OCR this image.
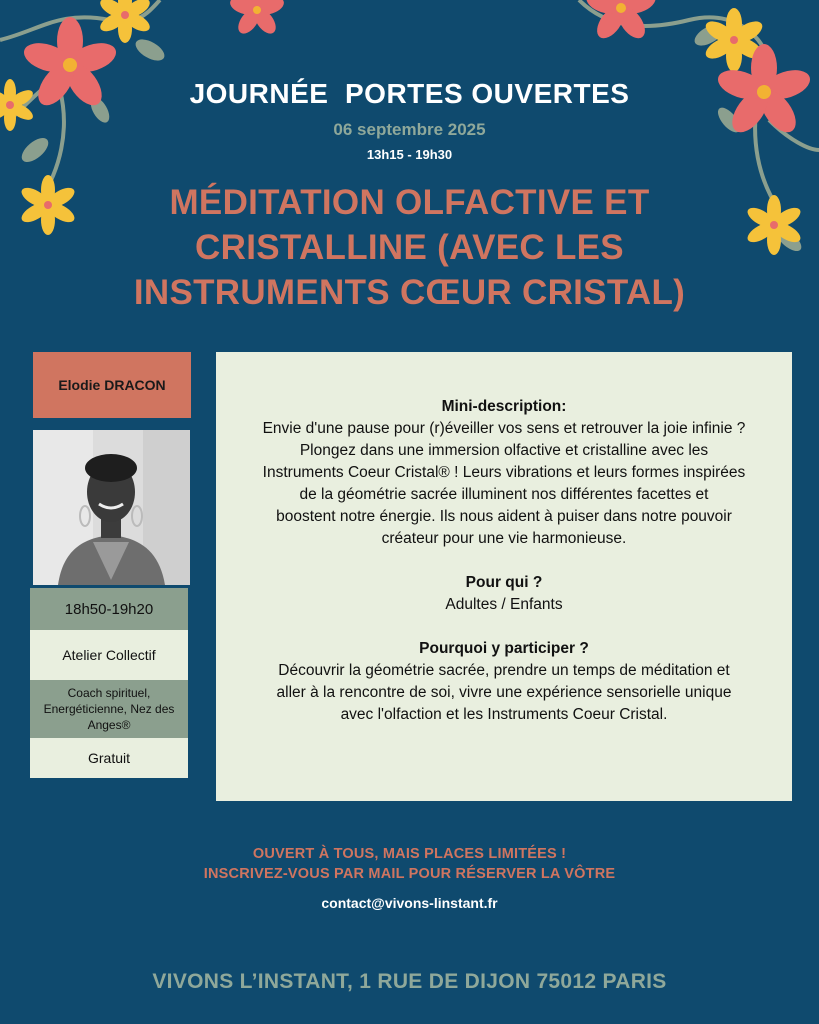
JOURNÉE  PORTES OUVERTES
06 septembre 2025
13h15 - 19h30
MÉDITATION OLFACTIVE ET
CRISTALLINE (AVEC LES
INSTRUMENTS CŒUR CRISTAL)
Elodie DRACON
18h50-19h20
Atelier Collectif
Coach spirituel, Energéticienne, Nez des Anges®
Gratuit
Mini-description:
Envie d'une pause pour (r)éveiller vos sens et retrouver la joie infinie ?
Plongez dans une immersion olfactive et cristalline avec les
Instruments Coeur Cristal® ! Leurs vibrations et leurs formes inspirées
de la géométrie sacrée illuminent nos différentes facettes et
boostent notre énergie. Ils nous aident à puiser dans notre pouvoir
créateur pour une vie harmonieuse.
Pour qui ?
Adultes / Enfants
Pourquoi y participer ?
Découvrir la géométrie sacrée, prendre un temps de méditation et
aller à la rencontre de soi, vivre une expérience sensorielle unique
avec l'olfaction et les Instruments Coeur Cristal.
OUVERT À TOUS, MAIS PLACES LIMITÉES !
INSCRIVEZ-VOUS PAR MAIL POUR RÉSERVER LA VÔTRE
contact@vivons-linstant.fr
VIVONS L’INSTANT, 1 RUE DE DIJON 75012 PARIS
